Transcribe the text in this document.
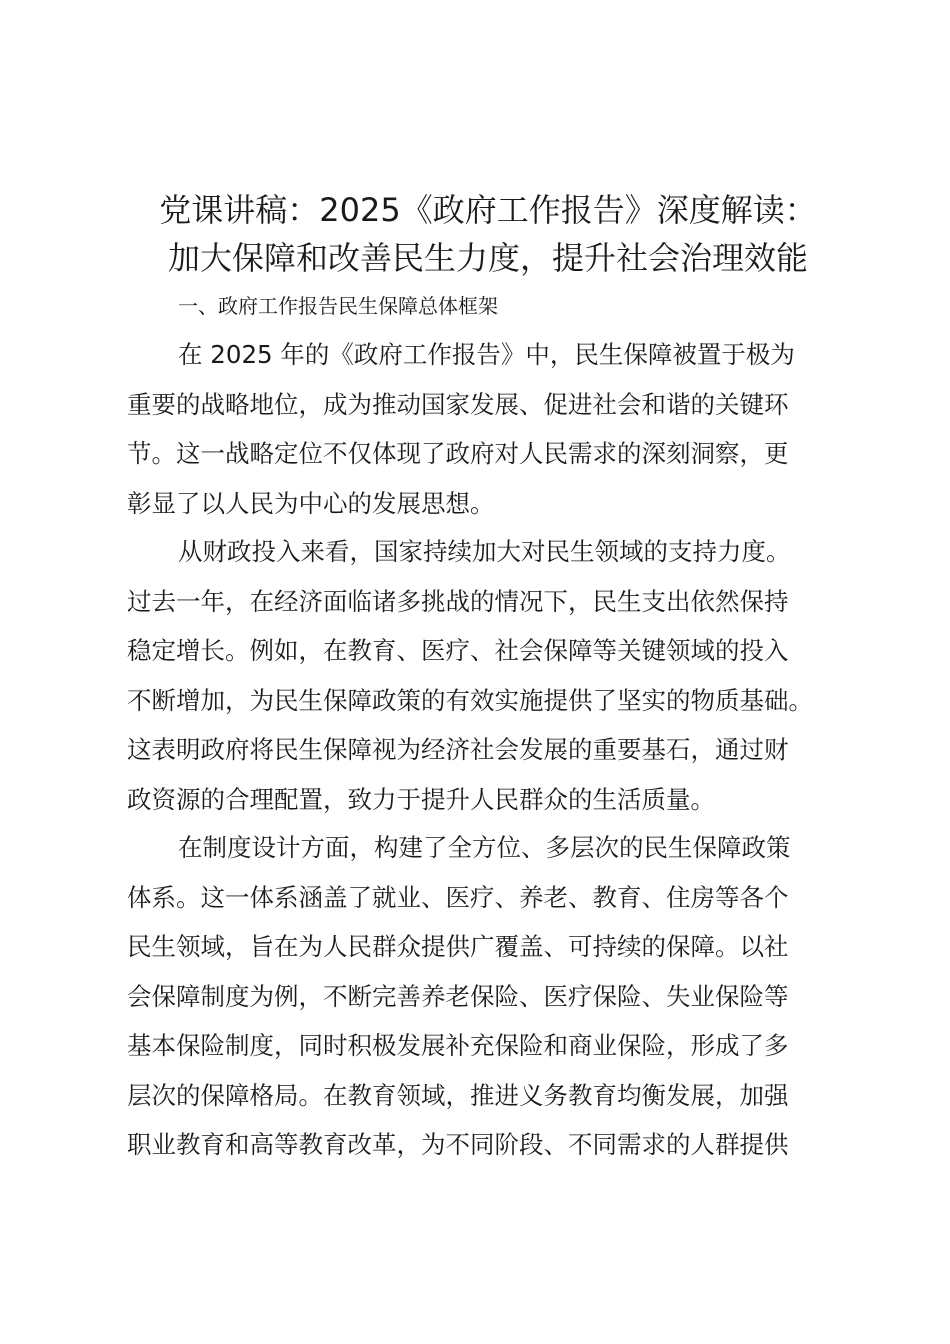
党课讲稿：2025《政府工作报告》深度解读：
加大保障和改善民生力度，提升社会治理效能
一、政府工作报告民生保障总体框架
在 2025 年的《政府工作报告》中，民生保障被置于极为
重要的战略地位，成为推动国家发展、促进社会和谐的关键环
节。这一战略定位不仅体现了政府对人民需求的深刻洞察，更
彰显了以人民为中心的发展思想。
从财政投入来看，国家持续加大对民生领域的支持力度。
过去一年，在经济面临诸多挑战的情况下，民生支出依然保持
稳定增长。例如，在教育、医疗、社会保障等关键领域的投入
不断增加，为民生保障政策的有效实施提供了坚实的物质基础。
这表明政府将民生保障视为经济社会发展的重要基石，通过财
政资源的合理配置，致力于提升人民群众的生活质量。
在制度设计方面，构建了全方位、多层次的民生保障政策
体系。这一体系涵盖了就业、医疗、养老、教育、住房等各个
民生领域，旨在为人民群众提供广覆盖、可持续的保障。以社
会保障制度为例，不断完善养老保险、医疗保险、失业保险等
基本保险制度，同时积极发展补充保险和商业保险，形成了多
层次的保障格局。在教育领域，推进义务教育均衡发展，加强
职业教育和高等教育改革，为不同阶段、不同需求的人群提供
